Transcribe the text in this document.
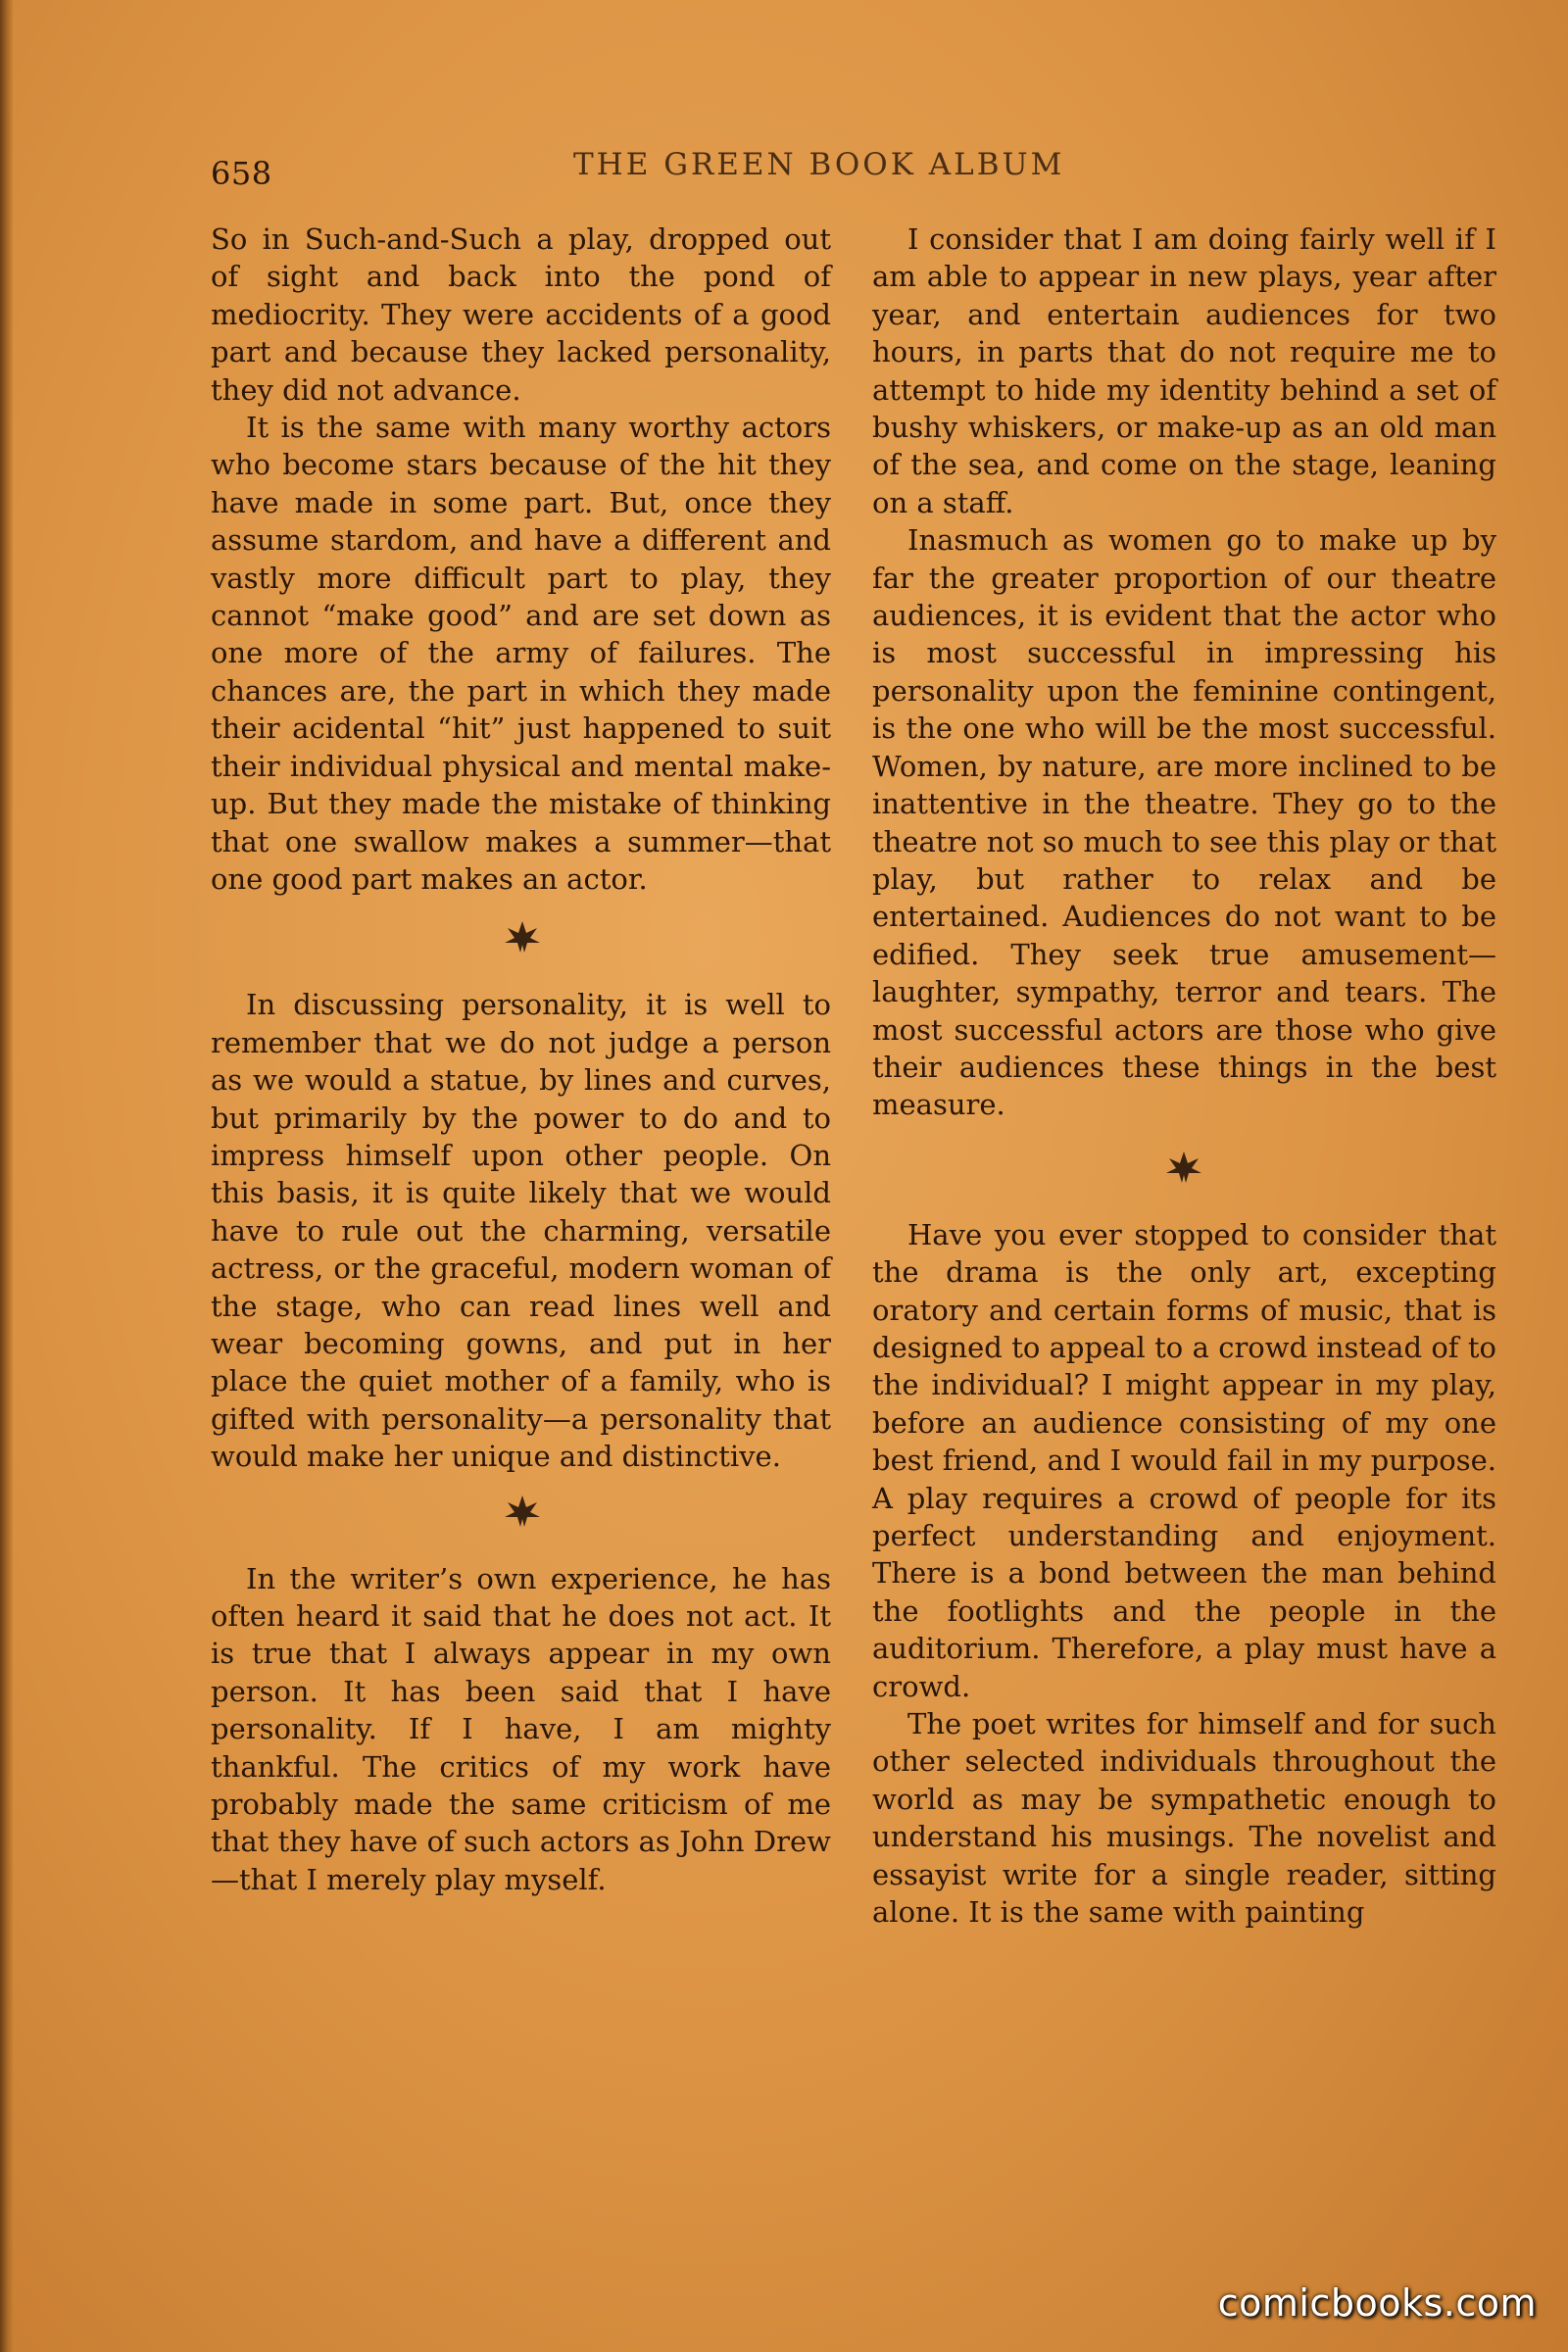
658	THE GREEN BOOK ALBUM

So in Such-and-Such a play, dropped out of sight and back into the pond of mediocrity. They were accidents of a good part and because they lacked personality, they did not advance.

It is the same with many worthy actors who become stars because of the hit they have made in some part. But, once they assume stardom, and have a different and vastly more difficult part to play, they cannot “make good” and are set down as one more of the army of failures. The chances are, the part in which they made their acidental “hit” just happened to suit their individual physical and mental make-up. But they made the mistake of thinking that one swallow makes a summer—that one good part makes an actor.

In discussing personality, it is well to remember that we do not judge a person as we would a statue, by lines and curves, but primarily by the power to do and to impress himself upon other people. On this basis, it is quite likely that we would have to rule out the charming, versatile actress, or the graceful, modern woman of the stage, who can read lines well and wear becoming gowns, and put in her place the quiet mother of a family, who is gifted with personality—a personality that would make her unique and distinctive.

In the writer’s own experience, he has often heard it said that he does not act. It is true that I always appear in my own person. It has been said that I have personality. If I have, I am mighty thankful. The critics of my work have probably made the same criticism of me that they have of such actors as John Drew—that I merely play myself.

I consider that I am doing fairly well if I am able to appear in new plays, year after year, and entertain audiences for two hours, in parts that do not require me to attempt to hide my identity behind a set of bushy whiskers, or make-up as an old man of the sea, and come on the stage, leaning on a staff.

Inasmuch as women go to make up by far the greater proportion of our theatre audiences, it is evident that the actor who is most successful in impressing his personality upon the feminine contingent, is the one who will be the most successful. Women, by nature, are more inclined to be inattentive in the theatre. They go to the theatre not so much to see this play or that play, but rather to relax and be entertained. Audiences do not want to be edified. They seek true amusement—laughter, sympathy, terror and tears. The most successful actors are those who give their audiences these things in the best measure.

Have you ever stopped to consider that the drama is the only art, excepting oratory and certain forms of music, that is designed to appeal to a crowd instead of to the individual? I might appear in my play, before an audience consisting of my one best friend, and I would fail in my purpose. A play requires a crowd of people for its perfect understanding and enjoyment. There is a bond between the man behind the footlights and the people in the auditorium. Therefore, a play must have a crowd.

The poet writes for himself and for such other selected individuals throughout the world as may be sympathetic enough to understand his musings. The novelist and essayist write for a single reader, sitting alone. It is the same with painting

comicbooks.com
